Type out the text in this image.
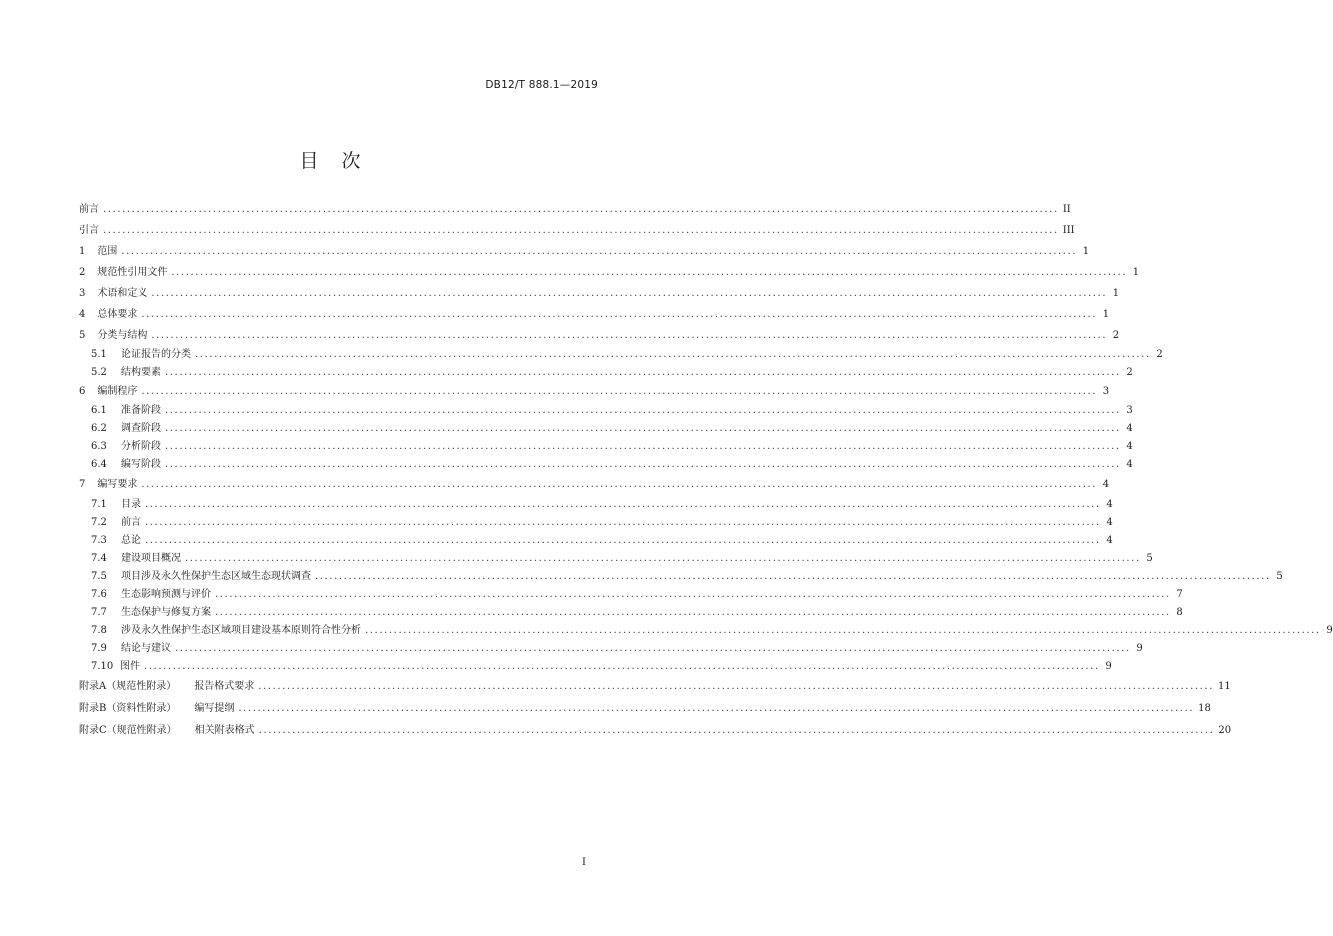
DB12/T 888.1—2019
目　次
前言 ........................................................................................................................................................................................................ II
引言 ........................................................................................................................................................................................................ III
1 范围 ........................................................................................................................................................................................................ 1
2 规范性引用文件 ........................................................................................................................................................................................................ 1
3 术语和定义 ........................................................................................................................................................................................................ 1
4 总体要求 ........................................................................................................................................................................................................ 1
5 分类与结构 ........................................................................................................................................................................................................ 2
5.1 论证报告的分类 ........................................................................................................................................................................................................ 2
5.2 结构要素 ........................................................................................................................................................................................................ 2
6 编制程序 ........................................................................................................................................................................................................ 3
6.1 准备阶段 ........................................................................................................................................................................................................ 3
6.2 调查阶段 ........................................................................................................................................................................................................ 4
6.3 分析阶段 ........................................................................................................................................................................................................ 4
6.4 编写阶段 ........................................................................................................................................................................................................ 4
7 编写要求 ........................................................................................................................................................................................................ 4
7.1 目录 ........................................................................................................................................................................................................ 4
7.2 前言 ........................................................................................................................................................................................................ 4
7.3 总论 ........................................................................................................................................................................................................ 4
7.4 建设项目概况 ........................................................................................................................................................................................................ 5
7.5 项目涉及永久性保护生态区域生态现状调查 ........................................................................................................................................................................................................ 5
7.6 生态影响预测与评价 ........................................................................................................................................................................................................ 7
7.7 生态保护与修复方案 ........................................................................................................................................................................................................ 8
7.8 涉及永久性保护生态区域项目建设基本原则符合性分析 ........................................................................................................................................................................................................ 9
7.9 结论与建议 ........................................................................................................................................................................................................ 9
7.10 图件 ........................................................................................................................................................................................................ 9
附录A（规范性附录） 报告格式要求 ........................................................................................................................................................................................................ 11
附录B（资料性附录） 编写提纲 ........................................................................................................................................................................................................ 18
附录C（规范性附录） 相关附表格式 ........................................................................................................................................................................................................ 20
I
